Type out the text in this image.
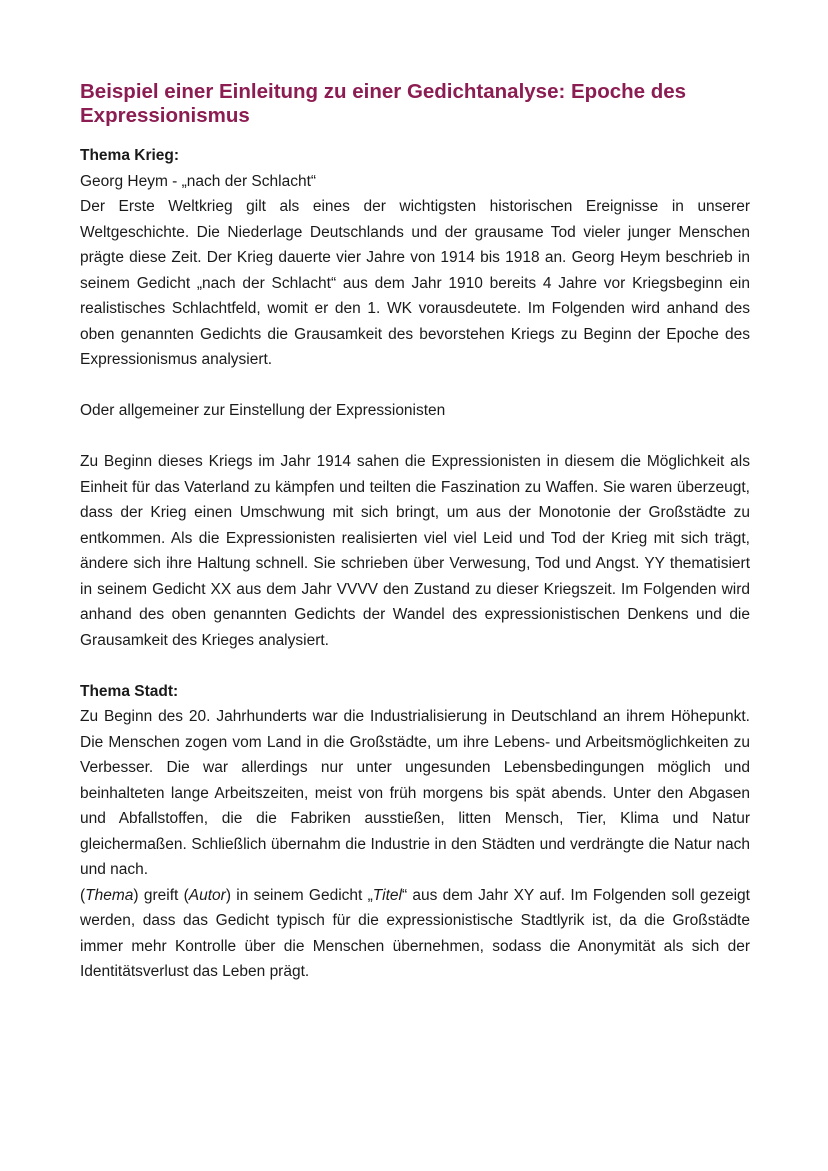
Beispiel einer Einleitung zu einer Gedichtanalyse: Epoche des Expressionismus

Thema Krieg:

Georg Heym - „nach der Schlacht“

Der Erste Weltkrieg gilt als eines der wichtigsten historischen Ereignisse in unserer Weltgeschichte. Die Niederlage Deutschlands und der grausame Tod vieler junger Menschen prägte diese Zeit. Der Krieg dauerte vier Jahre von 1914 bis 1918 an. Georg Heym beschrieb in seinem Gedicht „nach der Schlacht“ aus dem Jahr 1910 bereits 4 Jahre vor Kriegsbeginn ein realistisches Schlachtfeld, womit er den 1. WK vorausdeutete. Im Folgenden wird anhand des oben genannten Gedichts die Grausamkeit des bevorstehen Kriegs zu Beginn der Epoche des Expressionismus analysiert.

Oder allgemeiner zur Einstellung der Expressionisten

Zu Beginn dieses Kriegs im Jahr 1914 sahen die Expressionisten in diesem die Möglichkeit als Einheit für das Vaterland zu kämpfen und teilten die Faszination zu Waffen. Sie waren überzeugt, dass der Krieg einen Umschwung mit sich bringt, um aus der Monotonie der Großstädte zu entkommen. Als die Expressionisten realisierten viel viel Leid und Tod der Krieg mit sich trägt, ändere sich ihre Haltung schnell. Sie schrieben über Verwesung, Tod und Angst. YY thematisiert in seinem Gedicht XX aus dem Jahr VVVV den Zustand zu dieser Kriegszeit. Im Folgenden wird anhand des oben genannten Gedichts der Wandel des expressionistischen Denkens und die Grausamkeit des Krieges analysiert.

Thema Stadt:

Zu Beginn des 20. Jahrhunderts war die Industrialisierung in Deutschland an ihrem Höhepunkt. Die Menschen zogen vom Land in die Großstädte, um ihre Lebens- und Arbeitsmöglichkeiten zu Verbesser. Die war allerdings nur unter ungesunden Lebensbedingungen möglich und beinhalteten lange Arbeitszeiten, meist von früh morgens bis spät abends. Unter den Abgasen und Abfallstoffen, die die Fabriken ausstießen, litten Mensch, Tier, Klima und Natur gleichermaßen. Schließlich übernahm die Industrie in den Städten und verdrängte die Natur nach und nach.

(Thema) greift (Autor) in seinem Gedicht „Titel“ aus dem Jahr XY auf. Im Folgenden soll gezeigt werden, dass das Gedicht typisch für die expressionistische Stadtlyrik ist, da die Großstädte immer mehr Kontrolle über die Menschen übernehmen, sodass die Anonymität als sich der Identitätsverlust das Leben prägt.
